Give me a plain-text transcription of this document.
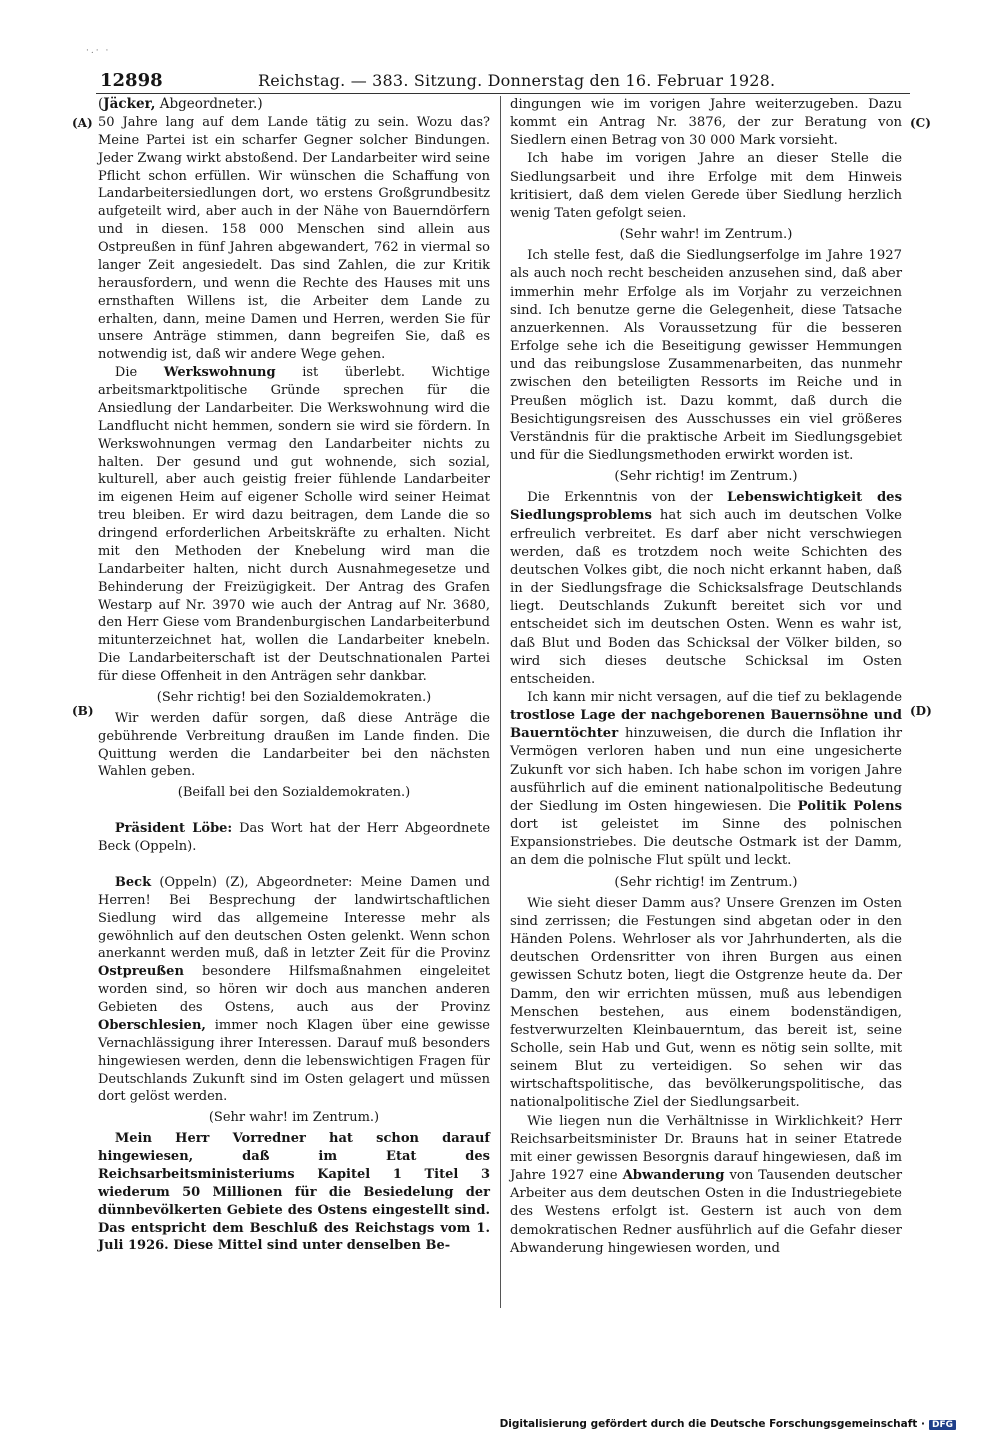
·.· ·
12898	Reichstag. — 383. Sitzung. Donnerstag den 16. Februar 1928.
(A)
(B)
(C)
(D)

(Jäcker, Abgeordneter.)

50 Jahre lang auf dem Lande tätig zu sein. Wozu das? Meine Partei ist ein scharfer Gegner solcher Bindungen. Jeder Zwang wirkt abstoßend. Der Landarbeiter wird seine Pflicht schon erfüllen. Wir wünschen die Schaffung von Landarbeitersiedlungen dort, wo erstens Großgrundbesitz aufgeteilt wird, aber auch in der Nähe von Bauerndörfern und in diesen. 158 000 Menschen sind allein aus Ostpreußen in fünf Jahren abgewandert, 762 in viermal so langer Zeit angesiedelt. Das sind Zahlen, die zur Kritik herausfordern, und wenn die Rechte des Hauses mit uns ernsthaften Willens ist, die Arbeiter dem Lande zu erhalten, dann, meine Damen und Herren, werden Sie für unsere Anträge stimmen, dann begreifen Sie, daß es notwendig ist, daß wir andere Wege gehen.

Die Werkswohnung ist überlebt. Wichtige arbeitsmarktpolitische Gründe sprechen für die Ansiedlung der Landarbeiter. Die Werkswohnung wird die Landflucht nicht hemmen, sondern sie wird sie fördern. In Werkswohnungen vermag den Landarbeiter nichts zu halten. Der gesund und gut wohnende, sich sozial, kulturell, aber auch geistig freier fühlende Landarbeiter im eigenen Heim auf eigener Scholle wird seiner Heimat treu bleiben. Er wird dazu beitragen, dem Lande die so dringend erforderlichen Arbeitskräfte zu erhalten. Nicht mit den Methoden der Knebelung wird man die Landarbeiter halten, nicht durch Ausnahmegesetze und Behinderung der Freizügigkeit. Der Antrag des Grafen Westarp auf Nr. 3970 wie auch der Antrag auf Nr. 3680, den Herr Giese vom Brandenburgischen Landarbeiterbund mitunterzeichnet hat, wollen die Landarbeiter knebeln. Die Landarbeiterschaft ist der Deutschnationalen Partei für diese Offenheit in den Anträgen sehr dankbar.

(Sehr richtig! bei den Sozialdemokraten.)

Wir werden dafür sorgen, daß diese Anträge die gebührende Verbreitung draußen im Lande finden. Die Quittung werden die Landarbeiter bei den nächsten Wahlen geben.

(Beifall bei den Sozialdemokraten.)

Präsident Löbe: Das Wort hat der Herr Abgeordnete Beck (Oppeln).

Beck (Oppeln) (Z), Abgeordneter: Meine Damen und Herren! Bei Besprechung der landwirtschaftlichen Siedlung wird das allgemeine Interesse mehr als gewöhnlich auf den deutschen Osten gelenkt. Wenn schon anerkannt werden muß, daß in letzter Zeit für die Provinz Ostpreußen besondere Hilfsmaßnahmen eingeleitet worden sind, so hören wir doch aus manchen anderen Gebieten des Ostens, auch aus der Provinz Oberschlesien, immer noch Klagen über eine gewisse Vernachlässigung ihrer Interessen. Darauf muß besonders hingewiesen werden, denn die lebenswichtigen Fragen für Deutschlands Zukunft sind im Osten gelagert und müssen dort gelöst werden.

(Sehr wahr! im Zentrum.)

Mein Herr Vorredner hat schon darauf hingewiesen, daß im Etat des Reichsarbeitsministeriums Kapitel 1 Titel 3 wiederum 50 Millionen für die Besiedelung der dünnbevölkerten Gebiete des Ostens eingestellt sind. Das entspricht dem Beschluß des Reichstags vom 1. Juli 1926. Diese Mittel sind unter denselben Be-

dingungen wie im vorigen Jahre weiterzugeben. Dazu kommt ein Antrag Nr. 3876, der zur Beratung von Siedlern einen Betrag von 30 000 Mark vorsieht.

Ich habe im vorigen Jahre an dieser Stelle die Siedlungsarbeit und ihre Erfolge mit dem Hinweis kritisiert, daß dem vielen Gerede über Siedlung herzlich wenig Taten gefolgt seien.

(Sehr wahr! im Zentrum.)

Ich stelle fest, daß die Siedlungserfolge im Jahre 1927 als auch noch recht bescheiden anzusehen sind, daß aber immerhin mehr Erfolge als im Vorjahr zu verzeichnen sind. Ich benutze gerne die Gelegenheit, diese Tatsache anzuerkennen. Als Voraussetzung für die besseren Erfolge sehe ich die Beseitigung gewisser Hemmungen und das reibungslose Zusammenarbeiten, das nunmehr zwischen den beteiligten Ressorts im Reiche und in Preußen möglich ist. Dazu kommt, daß durch die Besichtigungsreisen des Ausschusses ein viel größeres Verständnis für die praktische Arbeit im Siedlungsgebiet und für die Siedlungsmethoden erwirkt worden ist.

(Sehr richtig! im Zentrum.)

Die Erkenntnis von der Lebenswichtigkeit des Siedlungsproblems hat sich auch im deutschen Volke erfreulich verbreitet. Es darf aber nicht verschwiegen werden, daß es trotzdem noch weite Schichten des deutschen Volkes gibt, die noch nicht erkannt haben, daß in der Siedlungsfrage die Schicksalsfrage Deutschlands liegt. Deutschlands Zukunft bereitet sich vor und entscheidet sich im deutschen Osten. Wenn es wahr ist, daß Blut und Boden das Schicksal der Völker bilden, so wird sich dieses deutsche Schicksal im Osten entscheiden.

Ich kann mir nicht versagen, auf die tief zu beklagende trostlose Lage der nachgeborenen Bauernsöhne und Bauerntöchter hinzuweisen, die durch die Inflation ihr Vermögen verloren haben und nun eine ungesicherte Zukunft vor sich haben. Ich habe schon im vorigen Jahre ausführlich auf die eminent nationalpolitische Bedeutung der Siedlung im Osten hingewiesen. Die Politik Polens dort ist geleistet im Sinne des polnischen Expansionstriebes. Die deutsche Ostmark ist der Damm, an dem die polnische Flut spült und leckt.

(Sehr richtig! im Zentrum.)

Wie sieht dieser Damm aus? Unsere Grenzen im Osten sind zerrissen; die Festungen sind abgetan oder in den Händen Polens. Wehrloser als vor Jahrhunderten, als die deutschen Ordensritter von ihren Burgen aus einen gewissen Schutz boten, liegt die Ostgrenze heute da. Der Damm, den wir errichten müssen, muß aus lebendigen Menschen bestehen, aus einem bodenständigen, festverwurzelten Kleinbauerntum, das bereit ist, seine Scholle, sein Hab und Gut, wenn es nötig sein sollte, mit seinem Blut zu verteidigen. So sehen wir das wirtschaftspolitische, das bevölkerungspolitische, das nationalpolitische Ziel der Siedlungsarbeit.

Wie liegen nun die Verhältnisse in Wirklichkeit? Herr Reichsarbeitsminister Dr. Brauns hat in seiner Etatrede mit einer gewissen Besorgnis darauf hingewiesen, daß im Jahre 1927 eine Abwanderung von Tausenden deutscher Arbeiter aus dem deutschen Osten in die Industriegebiete des Westens erfolgt ist. Gestern ist auch von dem demokratischen Redner ausführlich auf die Gefahr dieser Abwanderung hingewiesen worden, und

Digitalisierung gefördert durch die Deutsche Forschungsgemeinschaft · DFG
